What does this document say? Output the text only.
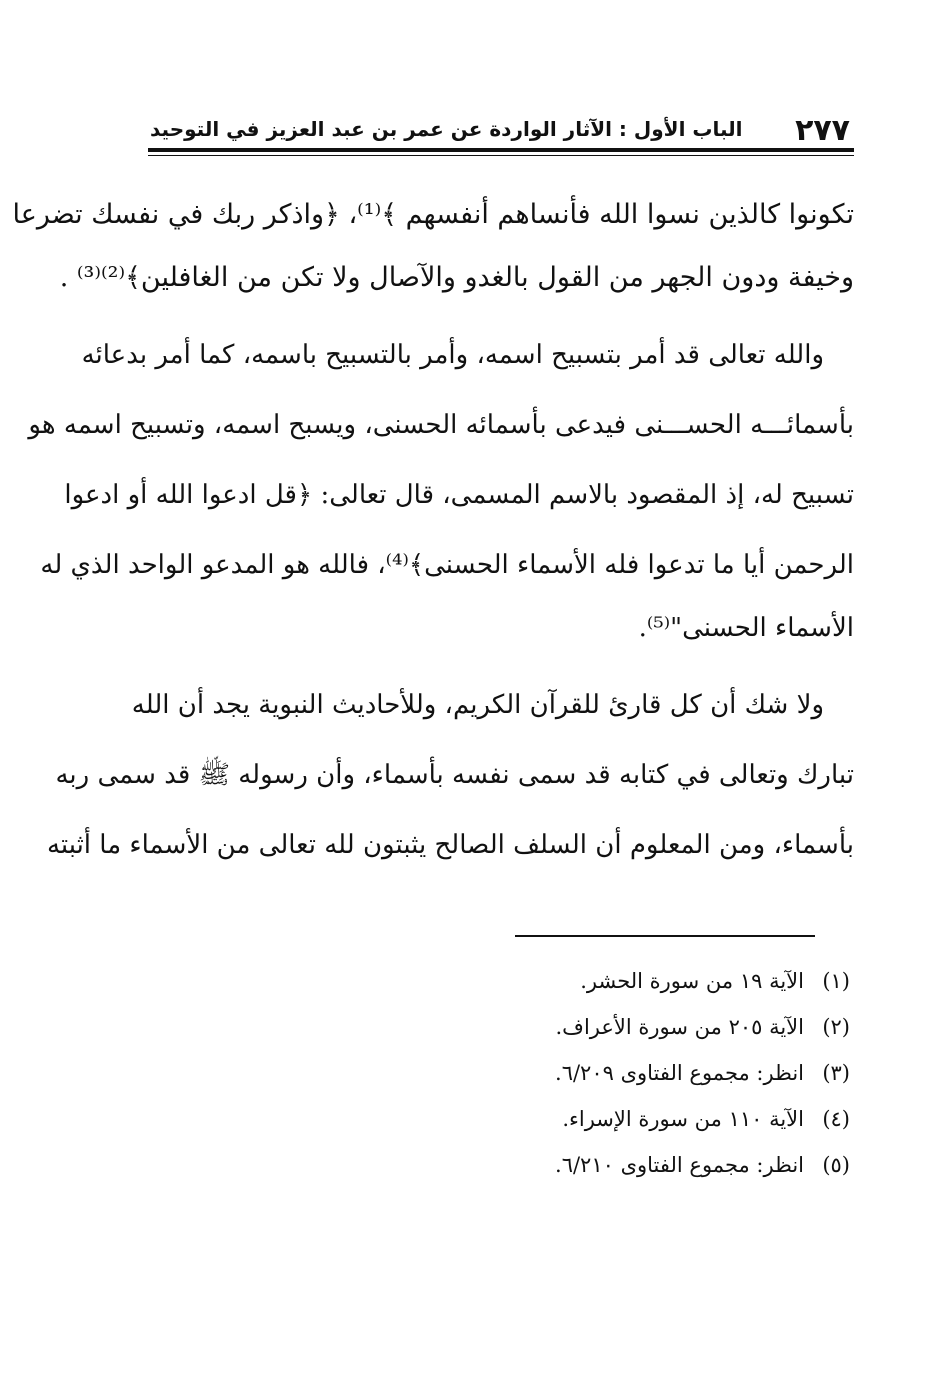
٢٧٧
الباب الأول : الآثار الواردة عن عمر بن عبد العزيز في التوحيد
تكونوا كالذين نسوا الله فأنساهم أنفسهم ﴾⁽¹⁾، ﴿واذكر ربك في نفسك تضرعا
وخيفة ودون الجهر من القول بالغدو والآصال ولا تكن من الغافلين﴾⁽²⁾⁽³⁾ .
والله تعالى قد أمر بتسبيح اسمه، وأمر بالتسبيح باسمه، كما أمر بدعائه
بأسمائـــه الحســـنى فيدعى بأسمائه الحسنى، ويسبح اسمه، وتسبيح اسمه هو
تسبيح له، إذ المقصود بالاسم المسمى، قال تعالى: ﴿قل ادعوا الله أو ادعوا
الرحمن أيا ما تدعوا فله الأسماء الحسنى﴾⁽⁴⁾، فالله هو المدعو الواحد الذي له
الأسماء الحسنى"⁽⁵⁾.
ولا شك أن كل قارئ للقرآن الكريم، وللأحاديث النبوية يجد أن الله
تبارك وتعالى في كتابه قد سمى نفسه بأسماء، وأن رسوله ﷺ قد سمى ربه
بأسماء، ومن المعلوم أن السلف الصالح يثبتون لله تعالى من الأسماء ما أثبته
(١)
الآية ١٩ من سورة الحشر.
(٢)
الآية ٢٠٥ من سورة الأعراف.
(٣)
انظر: مجموع الفتاوى ٦/٢٠٩.
(٤)
الآية ١١٠ من سورة الإسراء.
(٥)
انظر: مجموع الفتاوى ٦/٢١٠.
